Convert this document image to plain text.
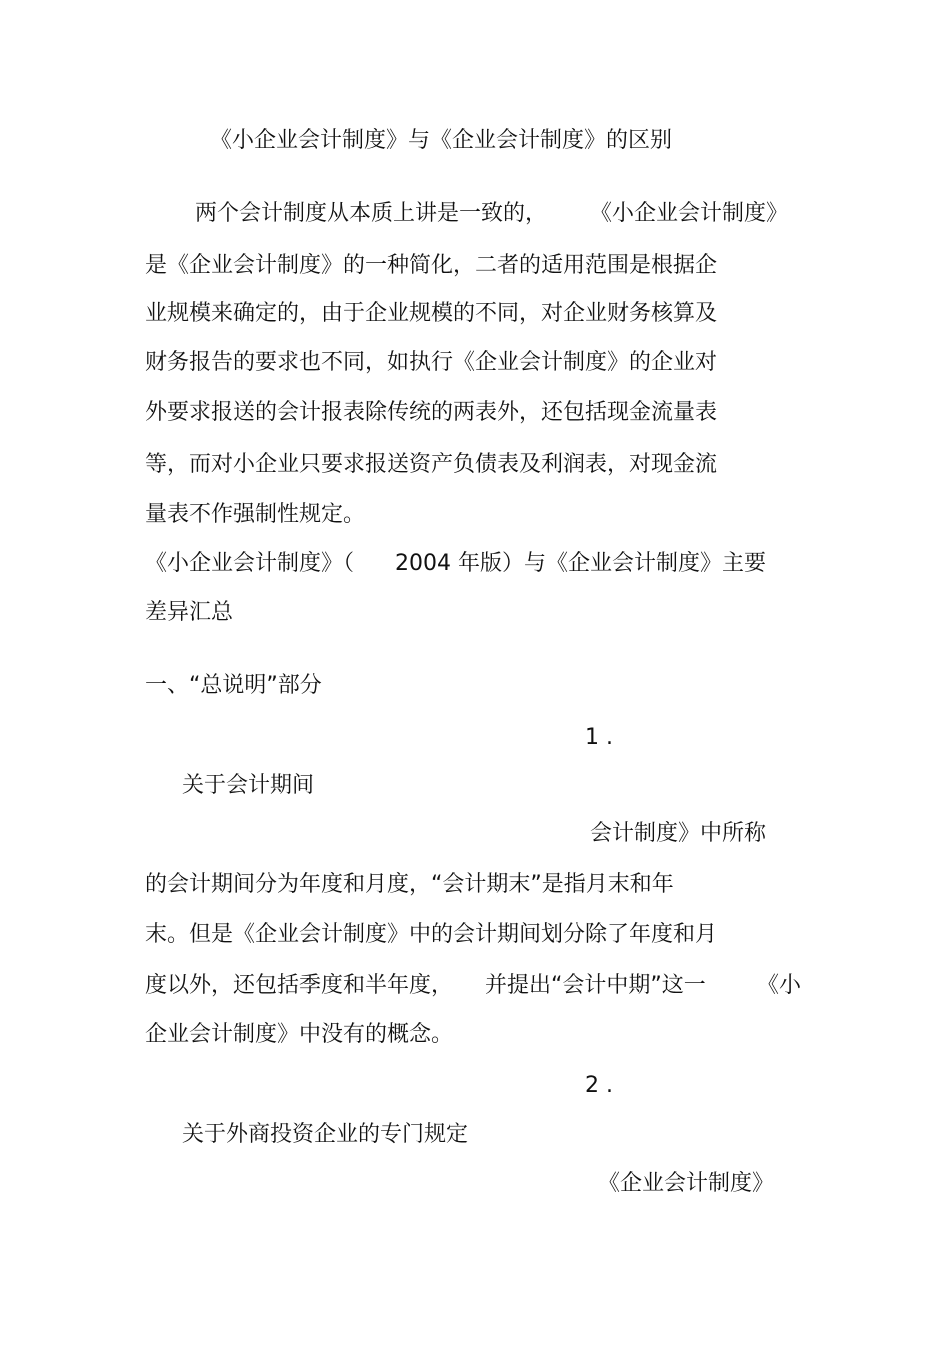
《小企业会计制度》与《企业会计制度》的区别
两个会计制度从本质上讲是一致的， 《小企业会计制度》
是《企业会计制度》的一种简化，二者的适用范围是根据企
业规模来确定的，由于企业规模的不同，对企业财务核算及
财务报告的要求也不同，如执行《企业会计制度》的企业对
外要求报送的会计报表除传统的两表外，还包括现金流量表
等，而对小企业只要求报送资产负债表及利润表，对现金流
量表不作强制性规定。
《小企业会计制度》（ 2004 年版）与《企业会计制度》主要
差异汇总
一、“总说明”部分
1 .
关于会计期间
会计制度》中所称
的会计期间分为年度和月度，“会计期末”是指月末和年
末。但是《企业会计制度》中的会计期间划分除了年度和月
度以外，还包括季度和半年度， 并提出“会计中期”这一 《小
企业会计制度》中没有的概念。
2 .
关于外商投资企业的专门规定
《企业会计制度》
